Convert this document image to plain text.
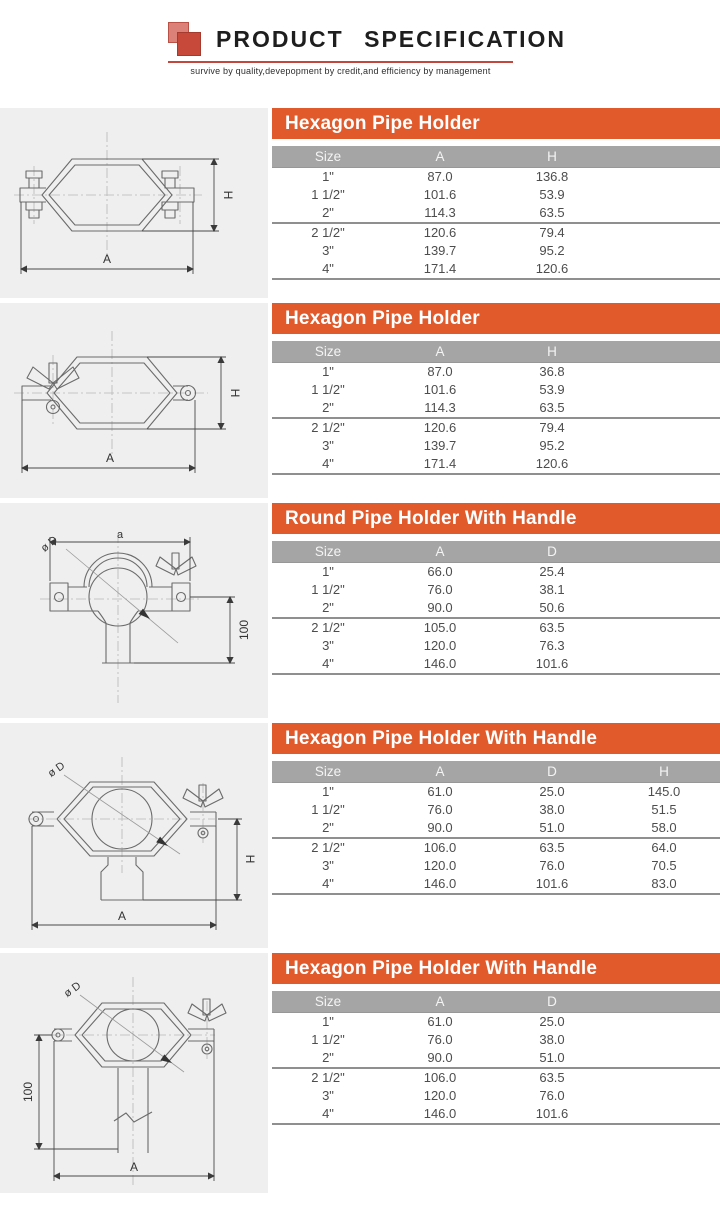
PRODUCT SPECIFICATION
survive by quality,devepopment by credit,and efficiency by management
H
A
Hexagon Pipe Holder
Size	A	H	
1"	87.0	136.8	
1 1/2"	101.6	53.9	
2"	114.3	63.5	
2 1/2"	120.6	79.4	
3"	139.7	95.2	
4"	171.4	120.6	
H
A
Hexagon Pipe Holder
Size	A	H	
1"	87.0	36.8	
1 1/2"	101.6	53.9	
2"	114.3	63.5	
2 1/2"	120.6	79.4	
3"	139.7	95.2	
4"	171.4	120.6	
ø D	a
100
Round Pipe Holder With Handle
Size	A	D	
1"	66.0	25.4	
1 1/2"	76.0	38.1	
2"	90.0	50.6	
2 1/2"	105.0	63.5	
3"	120.0	76.3	
4"	146.0	101.6	
ø D
H
A
Hexagon Pipe Holder With Handle
Size	A	D	H
1"	61.0	25.0	145.0
1 1/2"	76.0	38.0	51.5
2"	90.0	51.0	58.0
2 1/2"	106.0	63.5	64.0
3"	120.0	76.0	70.5
4"	146.0	101.6	83.0
ø D
100
A
Hexagon Pipe Holder With Handle
Size	A	D	
1"	61.0	25.0	
1 1/2"	76.0	38.0	
2"	90.0	51.0	
2 1/2"	106.0	63.5	
3"	120.0	76.0	
4"	146.0	101.6	
